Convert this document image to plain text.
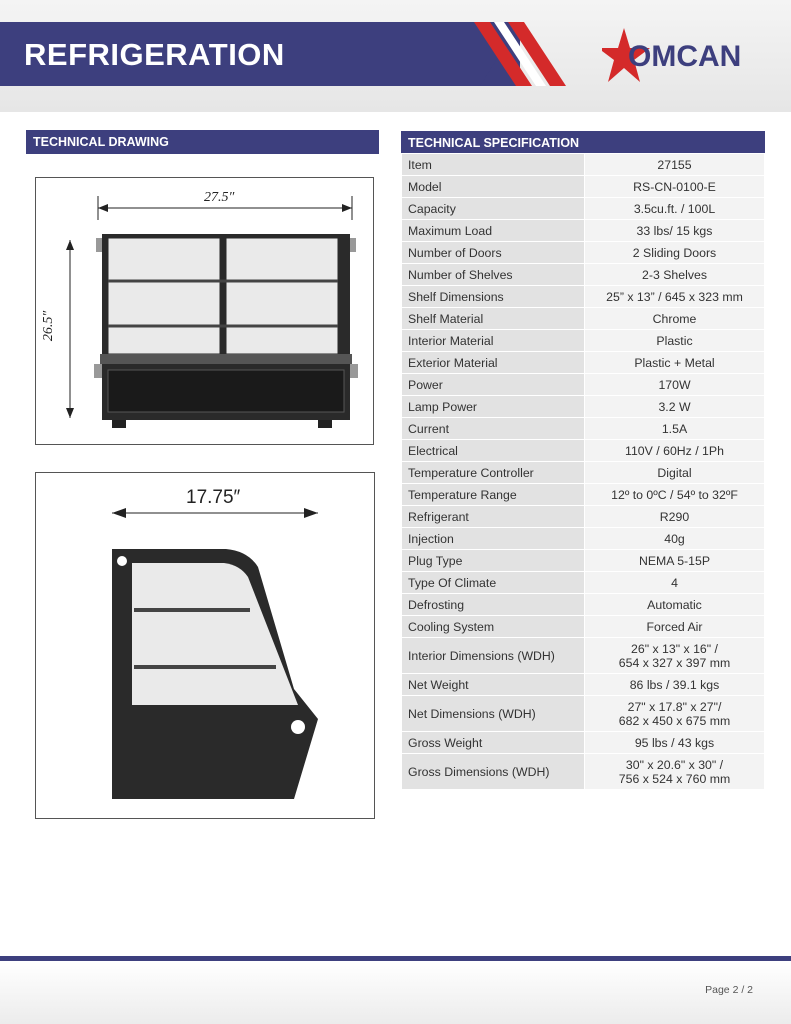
REFRIGERATION	OMCAN
TECHNICAL DRAWING
27.5″
26.5″
17.75″
TECHNICAL SPECIFICATION
Item	27155
Model	RS-CN-0100-E
Capacity	3.5cu.ft. / 100L
Maximum Load	33 lbs/ 15 kgs
Number of Doors	2 Sliding Doors
Number of Shelves	2-3 Shelves
Shelf Dimensions	25” x 13” / 645 x 323 mm
Shelf Material	Chrome
Interior Material	Plastic
Exterior Material	Plastic + Metal
Power	170W
Lamp Power	3.2 W
Current	1.5A
Electrical	110V / 60Hz / 1Ph
Temperature Controller	Digital
Temperature Range	12º to 0ºC / 54º to 32ºF
Refrigerant	R290
Injection	40g
Plug Type	NEMA 5-15P
Type Of Climate	4
Defrosting	Automatic
Cooling System	Forced Air
Interior Dimensions (WDH)	26" x 13" x 16" /
654 x 327 x 397 mm

Net Weight	86 lbs / 39.1 kgs
Net Dimensions (WDH)	27" x 17.8" x 27"/
682 x 450 x 675 mm

Gross Weight	95 lbs / 43 kgs
Gross Dimensions (WDH)	30" x 20.6" x 30" /
756 x 524 x 760 mm
Page 2 / 2
